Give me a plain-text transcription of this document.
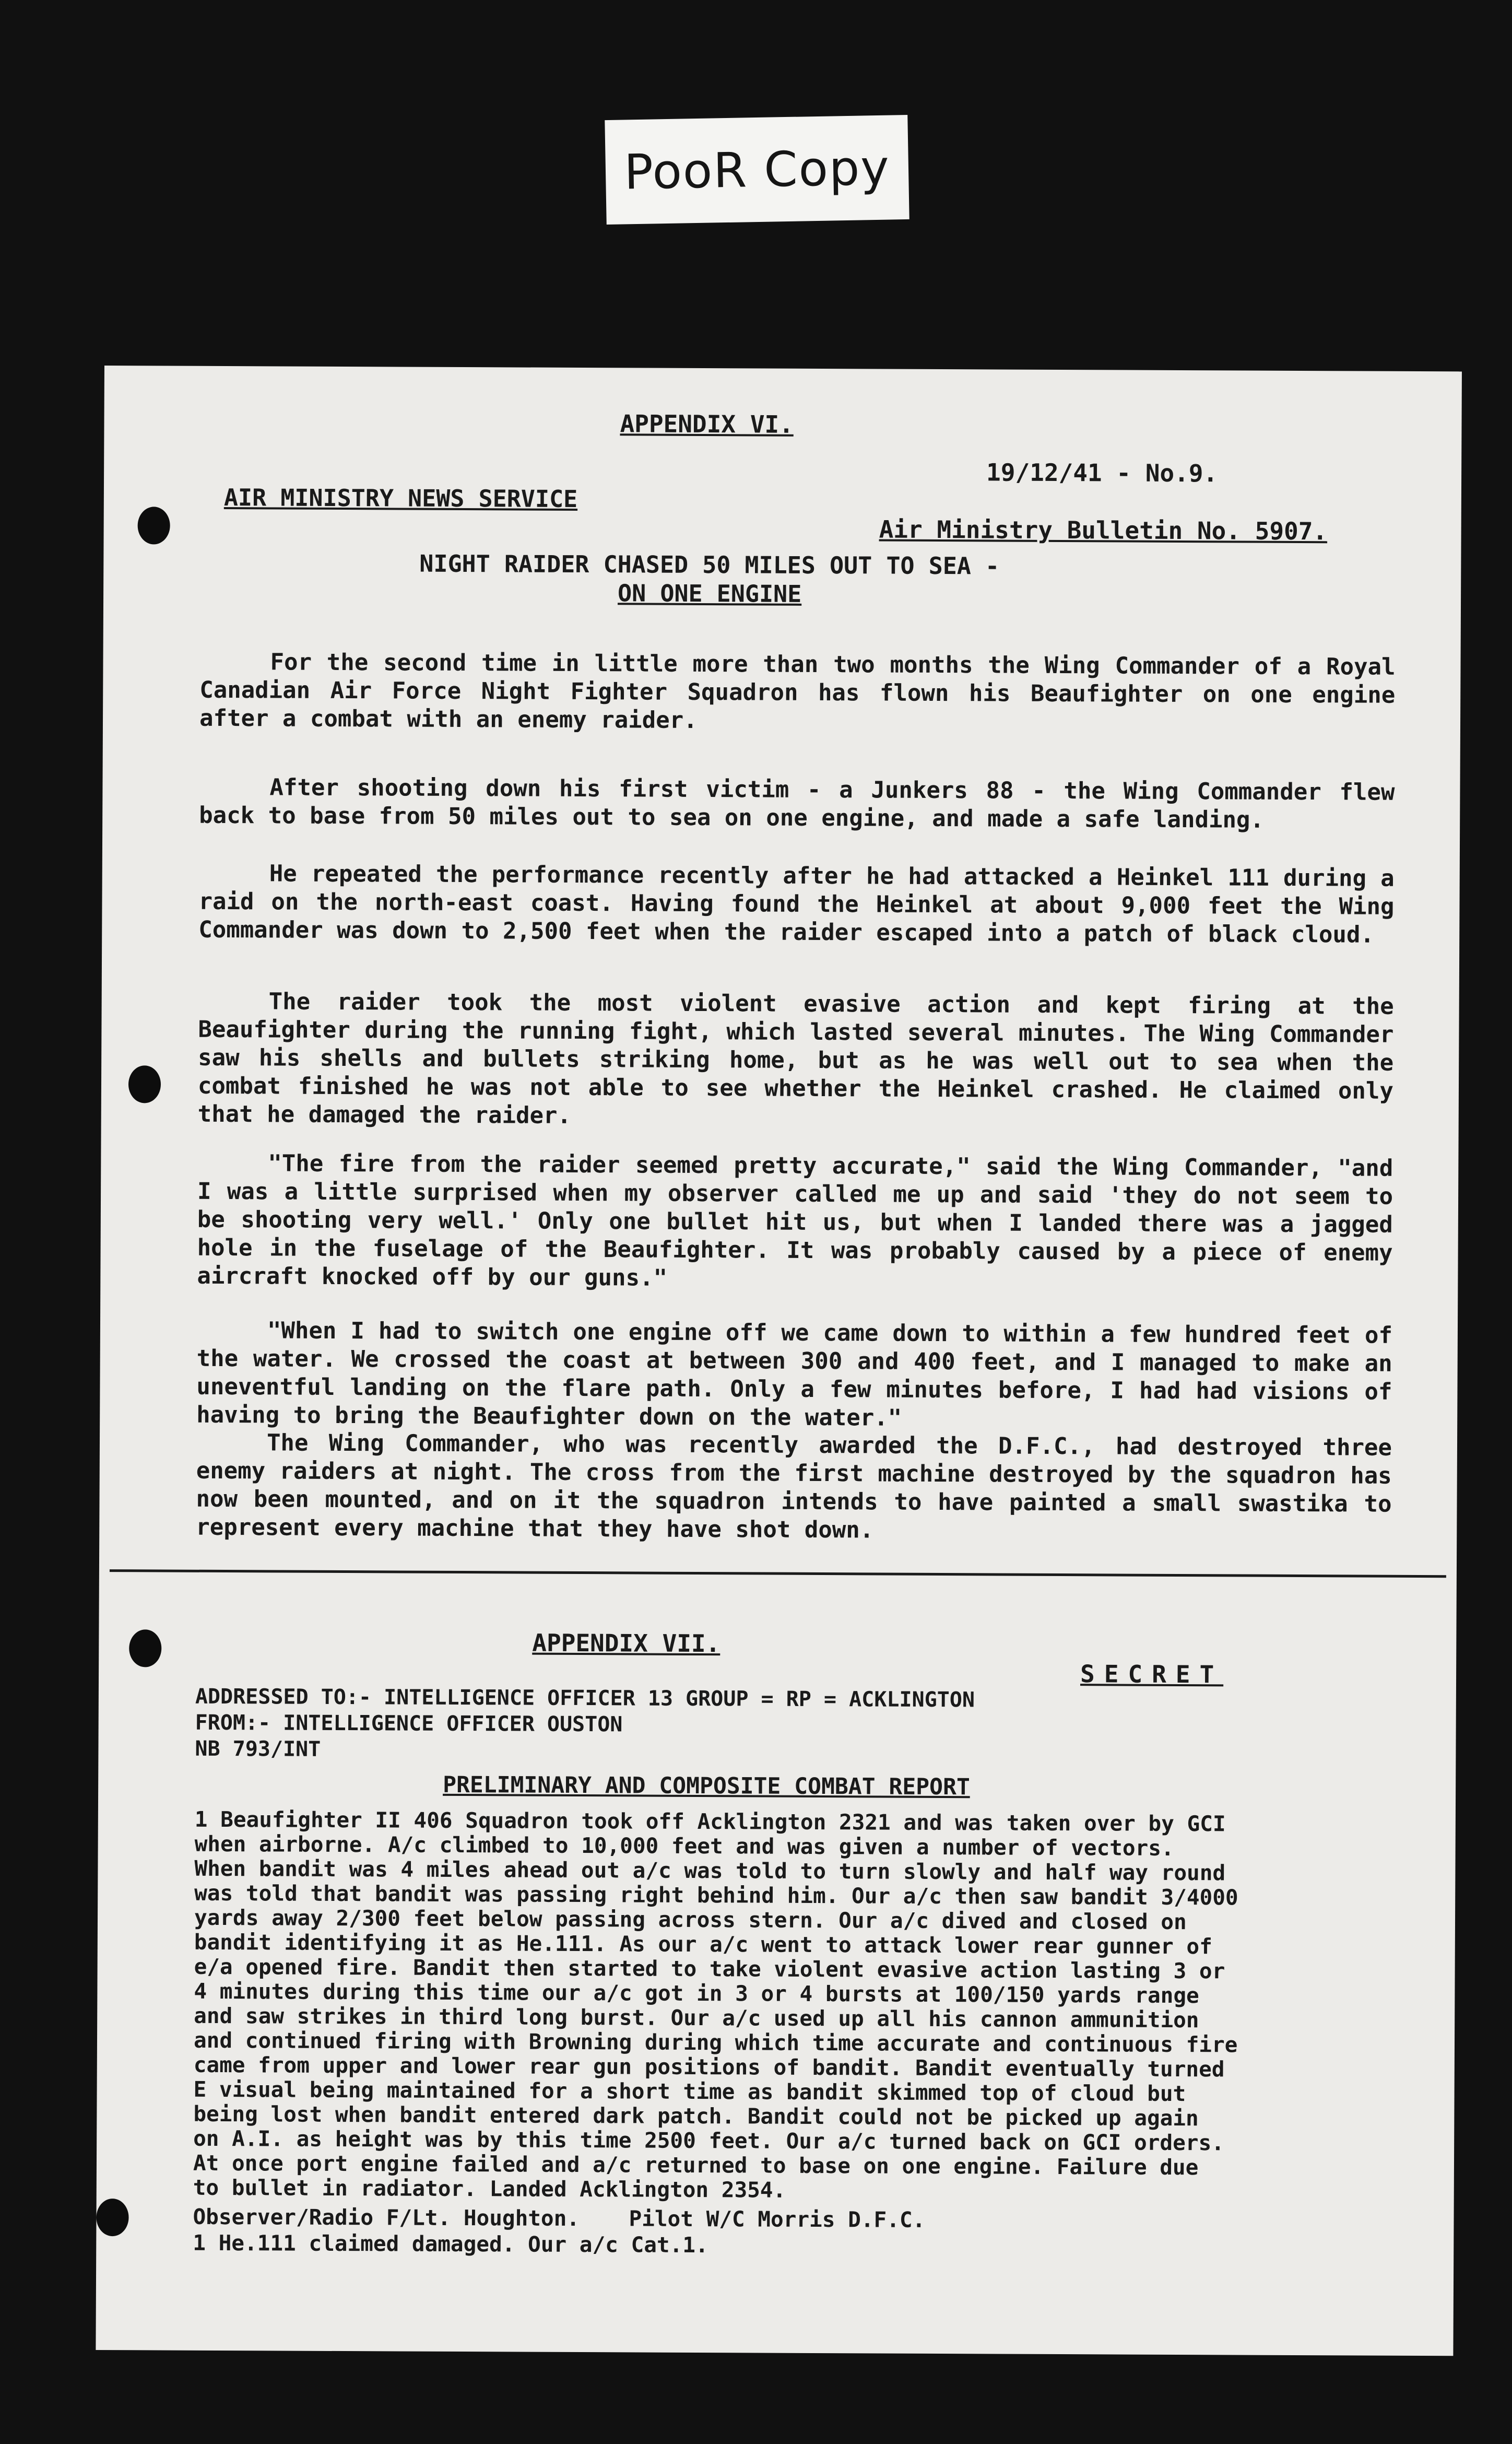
PooR Copy
APPENDIX VI.
19/12/41 - No.9.
AIR MINISTRY NEWS SERVICE
Air Ministry Bulletin No. 5907.
NIGHT RAIDER CHASED 50 MILES OUT TO SEA -
ON ONE ENGINE

For the second time in little more than two months the Wing Commander of a Royal Canadian Air Force Night Fighter Squadron has flown his Beaufighter on one engine after a combat with an enemy raider.

After shooting down his first victim - a Junkers 88 - the Wing Commander flew back to base from 50 miles out to sea on one engine, and made a safe landing.

He repeated the performance recently after he had attacked a Heinkel 111 during a raid on the north-east coast. Having found the Heinkel at about 9,000 feet the Wing Commander was down to 2,500 feet when the raider escaped into a patch of black cloud.

The raider took the most violent evasive action and kept firing at the Beaufighter during the running fight, which lasted several minutes. The Wing Commander saw his shells and bullets striking home, but as he was well out to sea when the combat finished he was not able to see whether the Heinkel crashed. He claimed only that he damaged the raider.

"The fire from the raider seemed pretty accurate," said the Wing Commander, "and I was a little surprised when my observer called me up and said 'they do not seem to be shooting very well.' Only one bullet hit us, but when I landed there was a jagged hole in the fuselage of the Beaufighter. It was probably caused by a piece of enemy aircraft knocked off by our guns."

"When I had to switch one engine off we came down to within a few hundred feet of the water. We crossed the coast at between 300 and 400 feet, and I managed to make an uneventful landing on the flare path. Only a few minutes before, I had had visions of having to bring the Beaufighter down on the water."

The Wing Commander, who was recently awarded the D.F.C., had destroyed three enemy raiders at night. The cross from the first machine destroyed by the squadron has now been mounted, and on it the squadron intends to have painted a small swastika to represent every machine that they have shot down.

APPENDIX VII.
SECRET
ADDRESSED TO:- INTELLIGENCE OFFICER 13 GROUP = RP = ACKLINGTON
FROM:- INTELLIGENCE OFFICER OUSTON
NB 793/INT
PRELIMINARY AND COMPOSITE COMBAT REPORT
1 Beaufighter II 406 Squadron took off Acklington 2321 and was taken over by GCI
when airborne. A/c climbed to 10,000 feet and was given a number of vectors.
When bandit was 4 miles ahead out a/c was told to turn slowly and half way round
was told that bandit was passing right behind him. Our a/c then saw bandit 3/4000
yards away 2/300 feet below passing across stern. Our a/c dived and closed on
bandit identifying it as He.111. As our a/c went to attack lower rear gunner of
e/a opened fire. Bandit then started to take violent evasive action lasting 3 or
4 minutes during this time our a/c got in 3 or 4 bursts at 100/150 yards range
and saw strikes in third long burst. Our a/c used up all his cannon ammunition
and continued firing with Browning during which time accurate and continuous fire
came from upper and lower rear gun positions of bandit. Bandit eventually turned
E visual being maintained for a short time as bandit skimmed top of cloud but
being lost when bandit entered dark patch. Bandit could not be picked up again
on A.I. as height was by this time 2500 feet. Our a/c turned back on GCI orders.
At once port engine failed and a/c returned to base on one engine. Failure due
to bullet in radiator. Landed Acklington 2354.
Observer/Radio F/Lt. Houghton. Pilot W/C Morris D.F.C.
1 He.111 claimed damaged. Our a/c Cat.1.
